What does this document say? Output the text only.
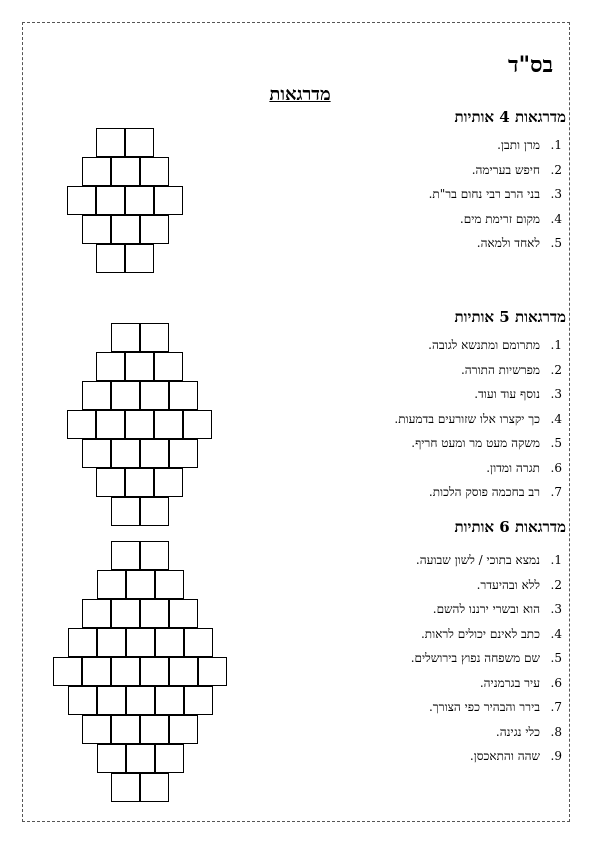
בס"ד
מדרגאות
מדרגאות 4 אותיות
1.
מרן ותבן.
2.
חיפש בערימה.
3.
בני הרב רבי נחום בר"ת.
4.
מקום זרימת מים.
5.
לאחד ולמאה.
מדרגאות 5 אותיות
1.
מתרומם ומתנשא לגובה.
2.
מפרשיות התורה.
3.
נוסף עוד ועוד.
4.
כך יקצרו אלו שזורעים בדמעות.
5.
משקה מעט מר ומעט חריף.
6.
תגרה ומדון.
7.
רב בחכמה פוסק הלכות.
מדרגאות 6 אותיות
1.
נמצא בתוכי / לשון שבועה.
2.
ללא ובהיעדר.
3.
הוא ובשרי ירננו להשם.
4.
כתב לאינם יכולים לראות.
5.
שם משפחה נפוץ בירושלים.
6.
עיר בגרמניה.
7.
בירר והבהיר כפי הצורך.
8.
כלי נגינה.
9.
שהה והתאכסן.
